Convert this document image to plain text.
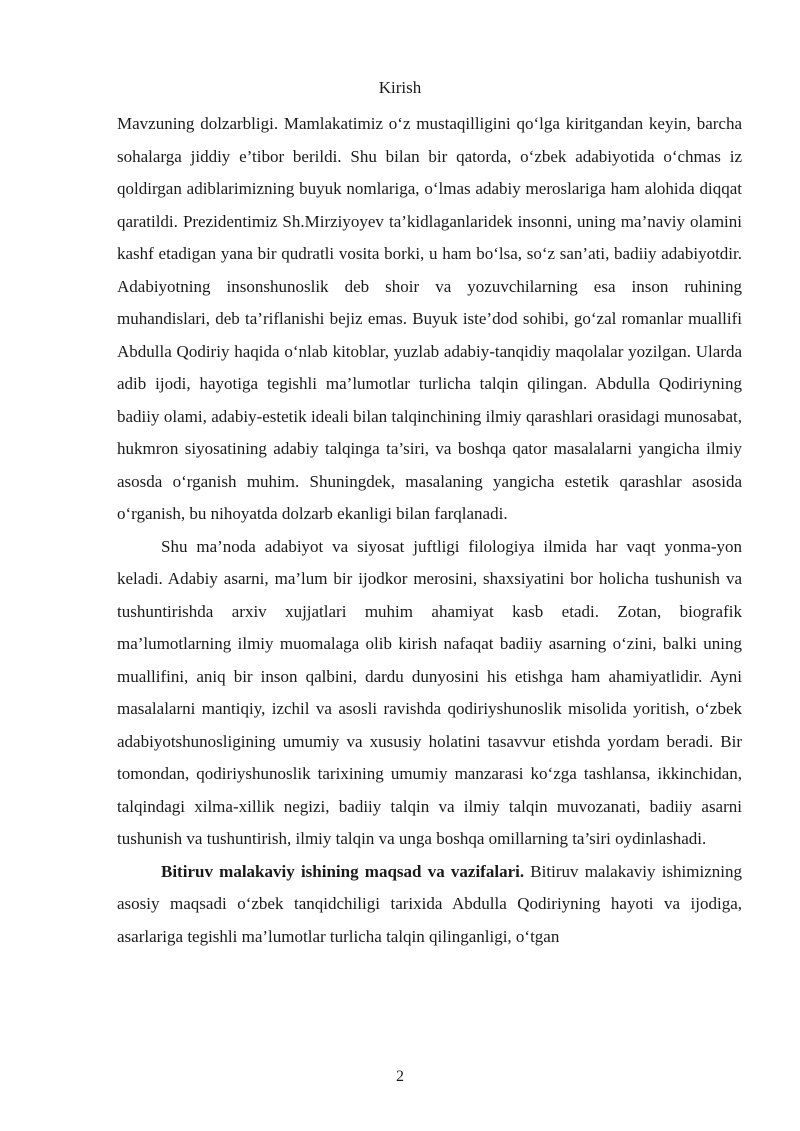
Kirish

Mavzuning dolzarbligi. Mamlakatimiz o‘z mustaqilligini qo‘lga kiritgandan keyin, barcha sohalarga jiddiy e’tibor berildi. Shu bilan bir qatorda, o‘zbek adabiyotida o‘chmas iz qoldirgan adiblarimizning buyuk nomlariga, o‘lmas adabiy meroslariga ham alohida diqqat qaratildi. Prezidentimiz Sh.Mirziyoyev ta’kidlaganlaridek insonni, uning ma’naviy olamini kashf etadigan yana bir qudratli vosita borki, u ham bo‘lsa, so‘z san’ati, badiiy adabiyotdir. Adabiyotning insonshunoslik deb shoir va yozuvchilarning esa inson ruhining muhandislari, deb ta’riflanishi bejiz emas. Buyuk iste’dod sohibi, go‘zal romanlar muallifi Abdulla Qodiriy haqida o‘nlab kitoblar, yuzlab adabiy-tanqidiy maqolalar yozilgan. Ularda adib ijodi, hayotiga tegishli ma’lumotlar turlicha talqin qilingan. Abdulla Qodiriyning badiiy olami, adabiy-estetik ideali bilan talqinchining ilmiy qarashlari orasidagi munosabat, hukmron siyosatining adabiy talqinga ta’siri, va boshqa qator masalalarni yangicha ilmiy asosda o‘rganish muhim. Shuningdek, masalaning yangicha estetik qarashlar asosida o‘rganish, bu nihoyatda dolzarb ekanligi bilan farqlanadi.

Shu ma’noda adabiyot va siyosat juftligi filologiya ilmida har vaqt yonma-yon keladi. Adabiy asarni, ma’lum bir ijodkor merosini, shaxsiyatini bor holicha tushunish va tushuntirishda arxiv xujjatlari muhim ahamiyat kasb etadi. Zotan, biografik ma’lumotlarning ilmiy muomalaga olib kirish nafaqat badiiy asarning o‘zini, balki uning muallifini, aniq bir inson qalbini, dardu dunyosini his etishga ham ahamiyatlidir. Ayni masalalarni mantiqiy, izchil va asosli ravishda qodiriyshunoslik misolida yoritish, o‘zbek adabiyotshunosligining umumiy va xususiy holatini tasavvur etishda yordam beradi. Bir tomondan, qodiriyshunoslik tarixining umumiy manzarasi ko‘zga tashlansa, ikkinchidan, talqindagi xilma-xillik negizi, badiiy talqin va ilmiy talqin muvozanati, badiiy asarni tushunish va tushuntirish, ilmiy talqin va unga boshqa omillarning ta’siri oydinlashadi.

Bitiruv malakaviy ishining maqsad va vazifalari. Bitiruv malakaviy ishimizning asosiy maqsadi o‘zbek tanqidchiligi tarixida Abdulla Qodiriyning hayoti va ijodiga, asarlariga tegishli ma’lumotlar turlicha talqin qilinganligi, o‘tgan

2
